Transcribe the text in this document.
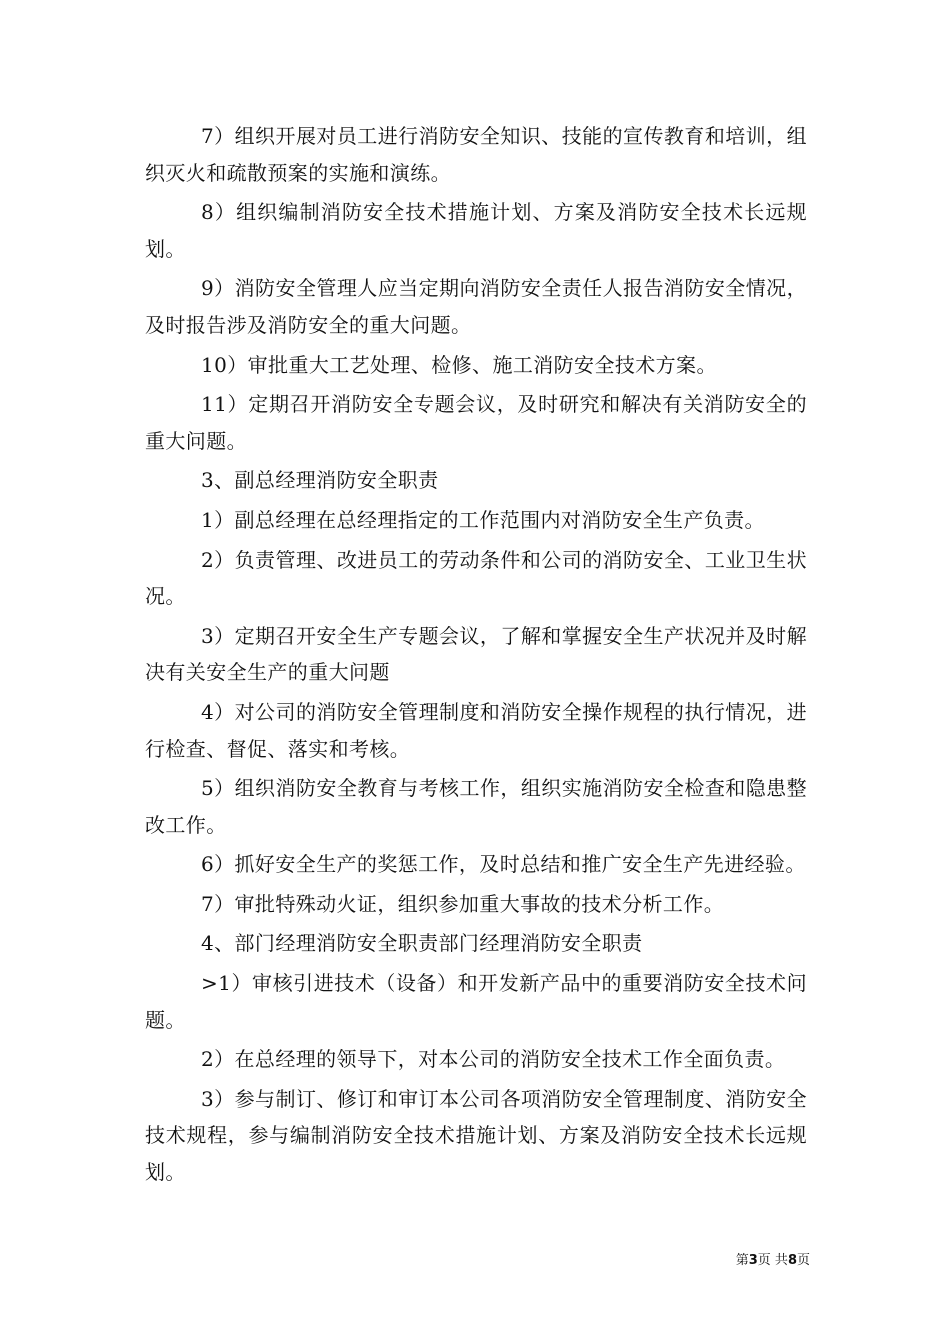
7）组织开展对员工进行消防安全知识、技能的宣传教育和培训，组织灭火和疏散预案的实施和演练。

8）组织编制消防安全技术措施计划、方案及消防安全技术长远规划。

9）消防安全管理人应当定期向消防安全责任人报告消防安全情况，及时报告涉及消防安全的重大问题。

10）审批重大工艺处理、检修、施工消防安全技术方案。

11）定期召开消防安全专题会议，及时研究和解决有关消防安全的重大问题。

3、副总经理消防安全职责

1）副总经理在总经理指定的工作范围内对消防安全生产负责。

2）负责管理、改进员工的劳动条件和公司的消防安全、工业卫生状况。

3）定期召开安全生产专题会议，了解和掌握安全生产状况并及时解决有关安全生产的重大问题

4）对公司的消防安全管理制度和消防安全操作规程的执行情况，进行检查、督促、落实和考核。

5）组织消防安全教育与考核工作，组织实施消防安全检查和隐患整改工作。

6）抓好安全生产的奖惩工作，及时总结和推广安全生产先进经验。

7）审批特殊动火证，组织参加重大事故的技术分析工作。

4、部门经理消防安全职责部门经理消防安全职责

>1）审核引进技术（设备）和开发新产品中的重要消防安全技术问题。

2）在总经理的领导下，对本公司的消防安全技术工作全面负责。

3）参与制订、修订和审订本公司各项消防安全管理制度、消防安全技术规程，参与编制消防安全技术措施计划、方案及消防安全技术长远规划。

第3页 共8页
